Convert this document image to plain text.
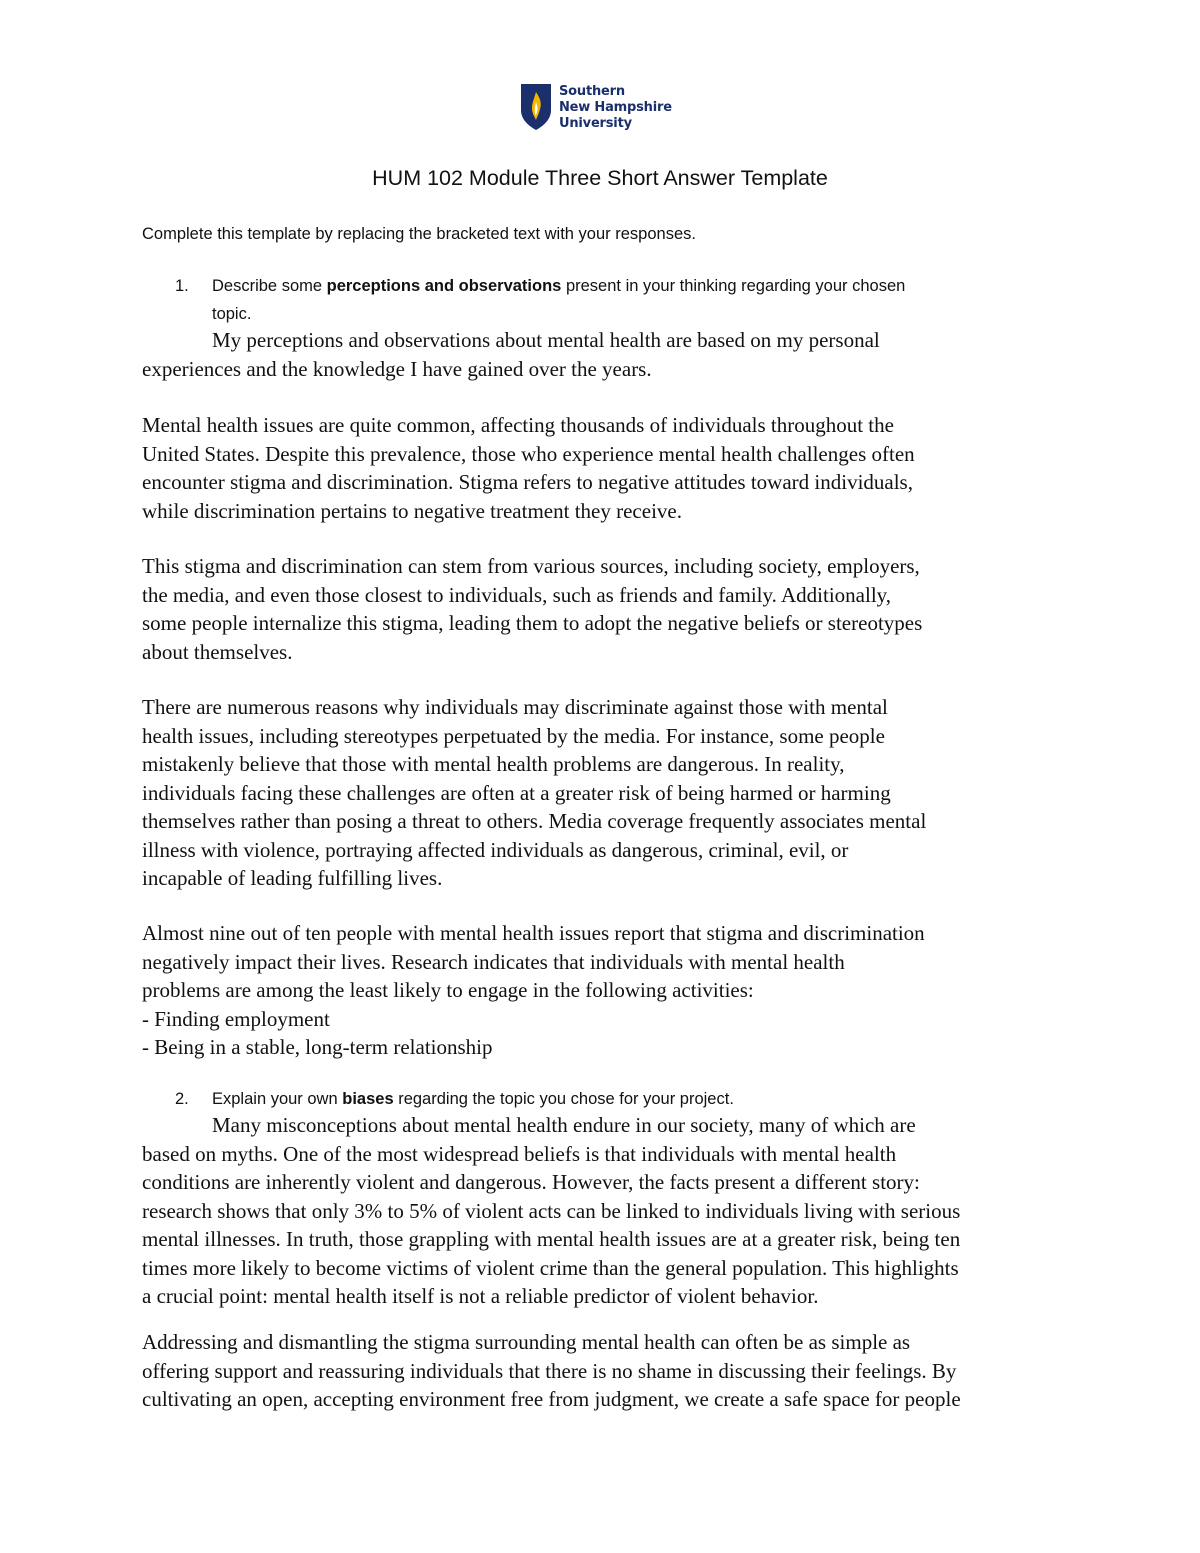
Southern
New Hampshire
University
HUM 102 Module Three Short Answer Template
Complete this template by replacing the bracketed text with your responses.
1. Describe some perceptions and observations present in your thinking regarding your chosen
topic.
My perceptions and observations about mental health are based on my personal
experiences and the knowledge I have gained over the years.
Mental health issues are quite common, affecting thousands of individuals throughout the
United States. Despite this prevalence, those who experience mental health challenges often
encounter stigma and discrimination. Stigma refers to negative attitudes toward individuals,
while discrimination pertains to negative treatment they receive.
This stigma and discrimination can stem from various sources, including society, employers,
the media, and even those closest to individuals, such as friends and family. Additionally,
some people internalize this stigma, leading them to adopt the negative beliefs or stereotypes
about themselves.
There are numerous reasons why individuals may discriminate against those with mental
health issues, including stereotypes perpetuated by the media. For instance, some people
mistakenly believe that those with mental health problems are dangerous. In reality,
individuals facing these challenges are often at a greater risk of being harmed or harming
themselves rather than posing a threat to others. Media coverage frequently associates mental
illness with violence, portraying affected individuals as dangerous, criminal, evil, or
incapable of leading fulfilling lives.
Almost nine out of ten people with mental health issues report that stigma and discrimination
negatively impact their lives. Research indicates that individuals with mental health
problems are among the least likely to engage in the following activities:
- Finding employment
- Being in a stable, long-term relationship
2. Explain your own biases regarding the topic you chose for your project.
Many misconceptions about mental health endure in our society, many of which are
based on myths. One of the most widespread beliefs is that individuals with mental health
conditions are inherently violent and dangerous. However, the facts present a different story:
research shows that only 3% to 5% of violent acts can be linked to individuals living with serious
mental illnesses. In truth, those grappling with mental health issues are at a greater risk, being ten
times more likely to become victims of violent crime than the general population. This highlights
a crucial point: mental health itself is not a reliable predictor of violent behavior.
Addressing and dismantling the stigma surrounding mental health can often be as simple as
offering support and reassuring individuals that there is no shame in discussing their feelings. By
cultivating an open, accepting environment free from judgment, we create a safe space for people
